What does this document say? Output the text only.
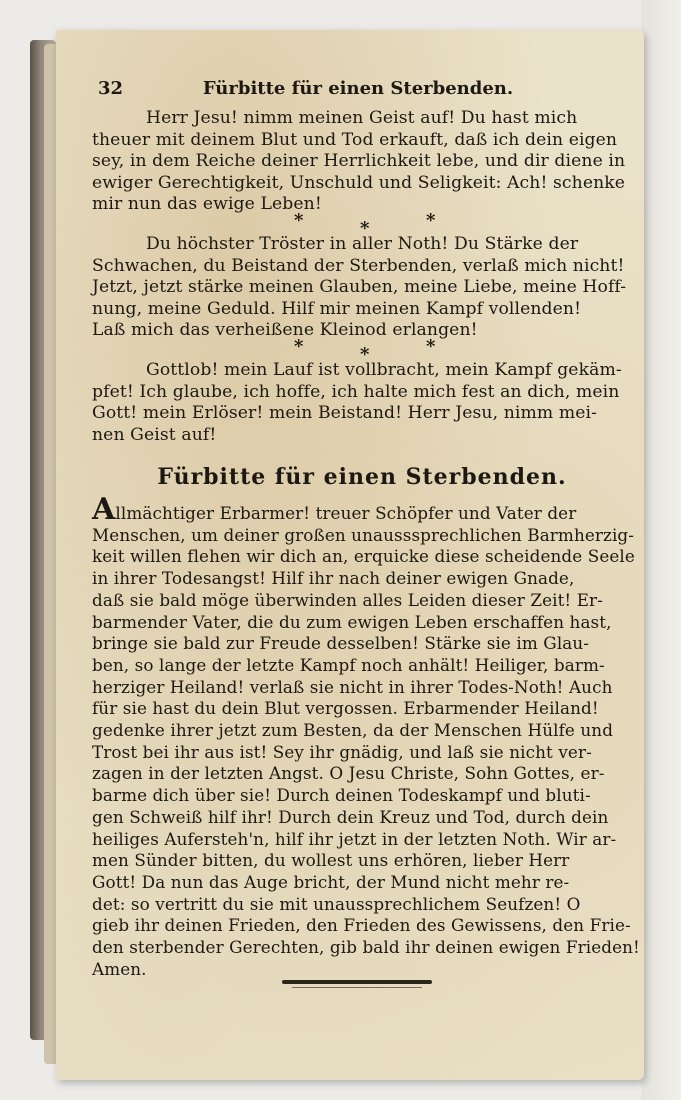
32	Fürbitte für einen Sterbenden.
Herr Jesu! nimm meinen Geist auf! Du hast mich
theuer mit deinem Blut und Tod erkauft, daß ich dein eigen
sey, in dem Reiche deiner Herrlichkeit lebe, und dir diene in
ewiger Gerechtigkeit, Unschuld und Seligkeit: Ach! schenke
mir nun das ewige Leben!
*	*	*
Du höchster Tröster in aller Noth! Du Stärke der
Schwachen, du Beistand der Sterbenden, verlaß mich nicht!
Jetzt, jetzt stärke meinen Glauben, meine Liebe, meine Hoff-
nung, meine Geduld. Hilf mir meinen Kampf vollenden!
Laß mich das verheißene Kleinod erlangen!
*	*	*
Gottlob! mein Lauf ist vollbracht, mein Kampf gekäm-
pfet! Ich glaube, ich hoffe, ich halte mich fest an dich, mein
Gott! mein Erlöser! mein Beistand! Herr Jesu, nimm mei-
nen Geist auf!
Fürbitte für einen Sterbenden.
Allmächtiger Erbarmer! treuer Schöpfer und Vater der
Menschen, um deiner großen unausssprechlichen Barmherzig-
keit willen flehen wir dich an, erquicke diese scheidende Seele
in ihrer Todesangst! Hilf ihr nach deiner ewigen Gnade,
daß sie bald möge überwinden alles Leiden dieser Zeit! Er-
barmender Vater, die du zum ewigen Leben erschaffen hast,
bringe sie bald zur Freude desselben! Stärke sie im Glau-
ben, so lange der letzte Kampf noch anhält! Heiliger, barm-
herziger Heiland! verlaß sie nicht in ihrer Todes-Noth! Auch
für sie hast du dein Blut vergossen. Erbarmender Heiland!
gedenke ihrer jetzt zum Besten, da der Menschen Hülfe und
Trost bei ihr aus ist! Sey ihr gnädig, und laß sie nicht ver-
zagen in der letzten Angst. O Jesu Christe, Sohn Gottes, er-
barme dich über sie! Durch deinen Todeskampf und bluti-
gen Schweiß hilf ihr! Durch dein Kreuz und Tod, durch dein
heiliges Aufersteh'n, hilf ihr jetzt in der letzten Noth. Wir ar-
men Sünder bitten, du wollest uns erhören, lieber Herr
Gott! Da nun das Auge bricht, der Mund nicht mehr re-
det: so vertritt du sie mit unaussprechlichem Seufzen! O
gieb ihr deinen Frieden, den Frieden des Gewissens, den Frie-
den sterbender Gerechten, gib bald ihr deinen ewigen Frieden!
Amen.
